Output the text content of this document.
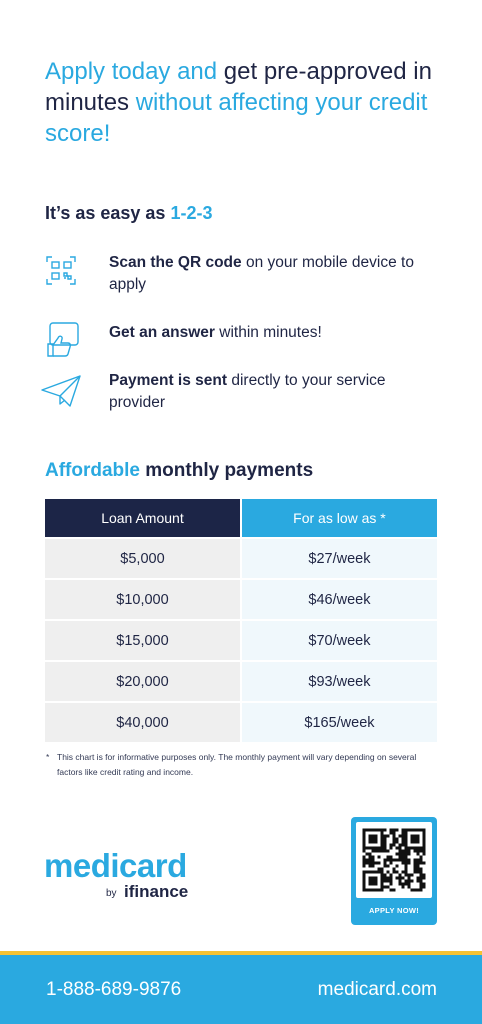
Apply today and get pre-approved in minutes without affecting your credit score!
It’s as easy as 1-2-3
Scan the QR code on your mobile device to apply
Get an answer within minutes!
Payment is sent directly to your service provider
Affordable monthly payments
Loan Amount	For as low as *
$5,000	$27/week
$10,000	$46/week
$15,000	$70/week
$20,000	$93/week
$40,000	$165/week
* This chart is for informative purposes only. The monthly payment will vary depending on several factors like credit rating and income.
medicard
by ifinance
APPLY NOW!
1-888-689-9876	medicard.com
